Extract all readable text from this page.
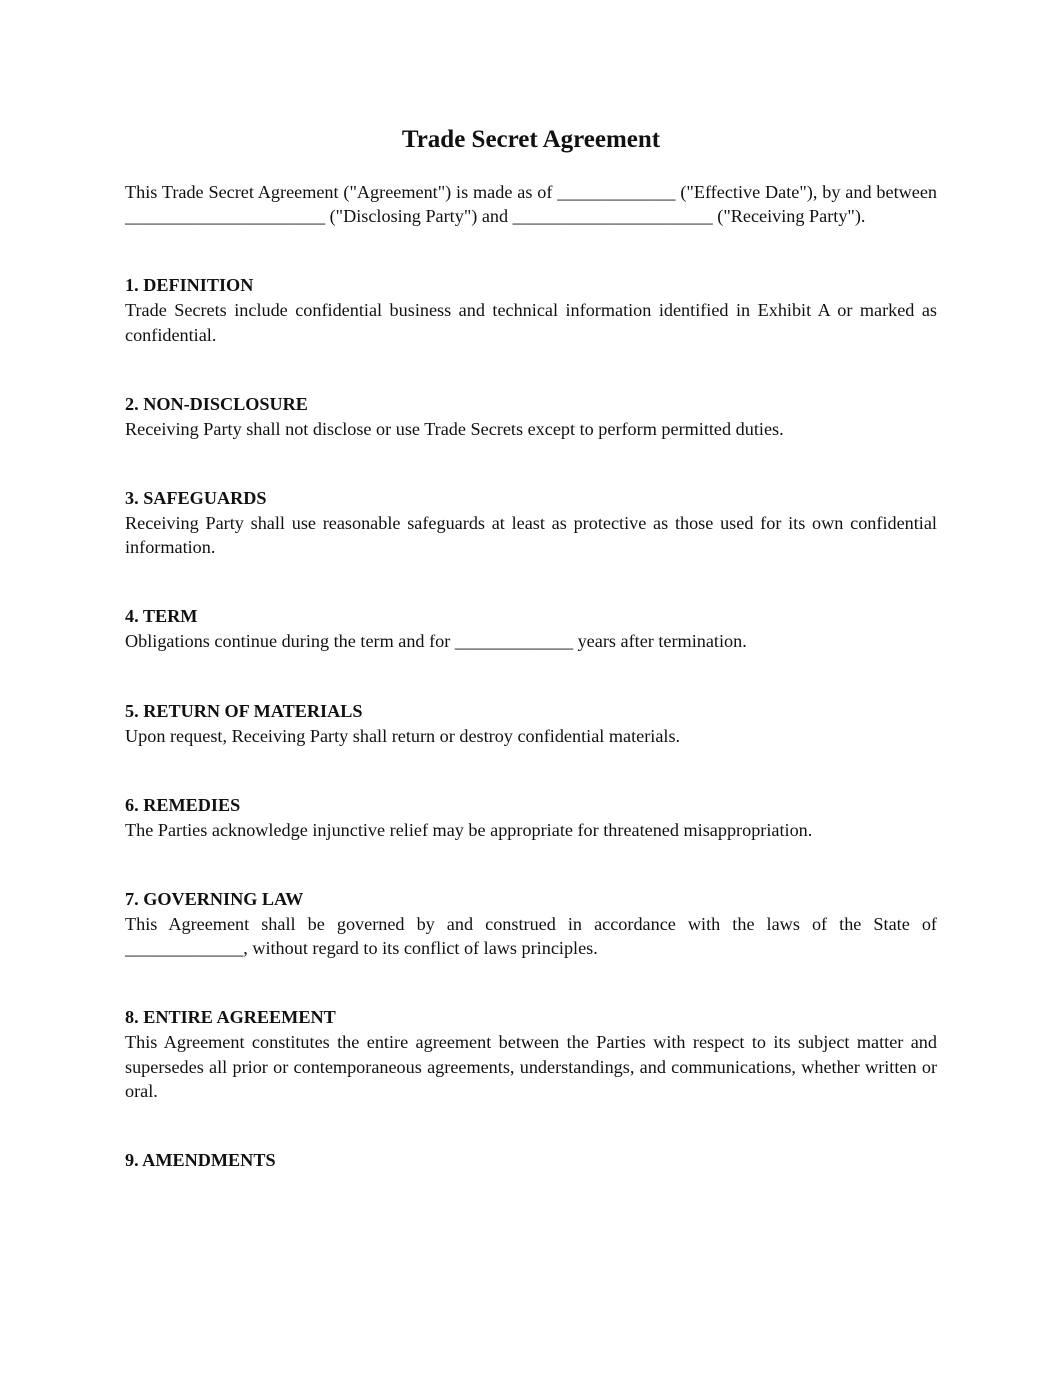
Trade Secret Agreement

This Trade Secret Agreement ("Agreement") is made as of _____________ ("Effective Date"), by and between ______________________ ("Disclosing Party") and ______________________ ("Receiving Party").

1. DEFINITION

Trade Secrets include confidential business and technical information identified in Exhibit A or marked as confidential.

2. NON-DISCLOSURE

Receiving Party shall not disclose or use Trade Secrets except to perform permitted duties.

3. SAFEGUARDS

Receiving Party shall use reasonable safeguards at least as protective as those used for its own confidential information.

4. TERM

Obligations continue during the term and for _____________ years after termination.

5. RETURN OF MATERIALS

Upon request, Receiving Party shall return or destroy confidential materials.

6. REMEDIES

The Parties acknowledge injunctive relief may be appropriate for threatened misappropriation.

7. GOVERNING LAW

This Agreement shall be governed by and construed in accordance with the laws of the State of _____________, without regard to its conflict of laws principles.

8. ENTIRE AGREEMENT

This Agreement constitutes the entire agreement between the Parties with respect to its subject matter and supersedes all prior or contemporaneous agreements, understandings, and communications, whether written or oral.

9. AMENDMENTS
